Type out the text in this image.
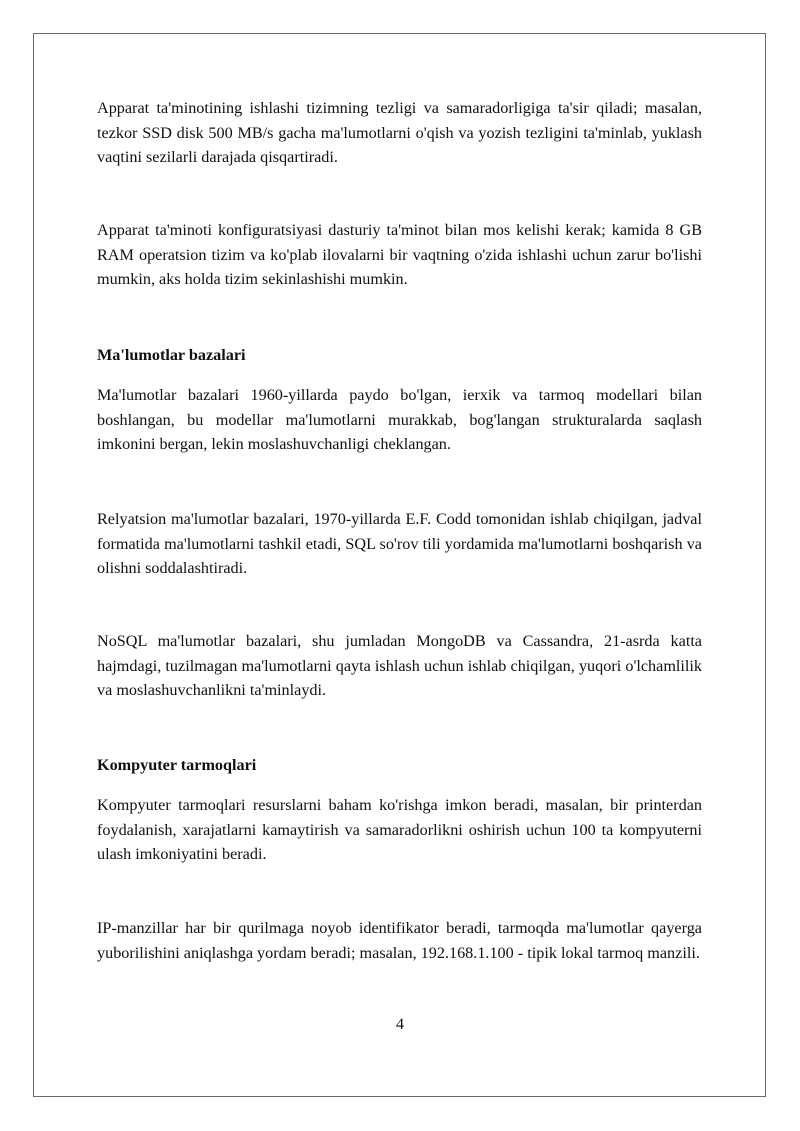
Apparat ta'minotining ishlashi tizimning tezligi va samaradorligiga ta'sir qiladi; masalan, tezkor SSD disk 500 MB/s gacha ma'lumotlarni o'qish va yozish tezligini ta'minlab, yuklash vaqtini sezilarli darajada qisqartiradi.

Apparat ta'minoti konfiguratsiyasi dasturiy ta'minot bilan mos kelishi kerak; kamida 8 GB RAM operatsion tizim va ko'plab ilovalarni bir vaqtning o'zida ishlashi uchun zarur bo'lishi mumkin, aks holda tizim sekinlashishi mumkin.

Ma'lumotlar bazalari

Ma'lumotlar bazalari 1960-yillarda paydo bo'lgan, ierxik va tarmoq modellari bilan boshlangan, bu modellar ma'lumotlarni murakkab, bog'langan strukturalarda saqlash imkonini bergan, lekin moslashuvchanligi cheklangan.

Relyatsion ma'lumotlar bazalari, 1970-yillarda E.F. Codd tomonidan ishlab chiqilgan, jadval formatida ma'lumotlarni tashkil etadi, SQL so'rov tili yordamida ma'lumotlarni boshqarish va olishni soddalashtiradi.

NoSQL ma'lumotlar bazalari, shu jumladan MongoDB va Cassandra, 21-asrda katta hajmdagi, tuzilmagan ma'lumotlarni qayta ishlash uchun ishlab chiqilgan, yuqori o'lchamlilik va moslashuvchanlikni ta'minlaydi.

Kompyuter tarmoqlari

Kompyuter tarmoqlari resurslarni baham ko'rishga imkon beradi, masalan, bir printerdan foydalanish, xarajatlarni kamaytirish va samaradorlikni oshirish uchun 100 ta kompyuterni ulash imkoniyatini beradi.

IP-manzillar har bir qurilmaga noyob identifikator beradi, tarmoqda ma'lumotlar qayerga yuborilishini aniqlashga yordam beradi; masalan, 192.168.1.100 - tipik lokal tarmoq manzili.

4
